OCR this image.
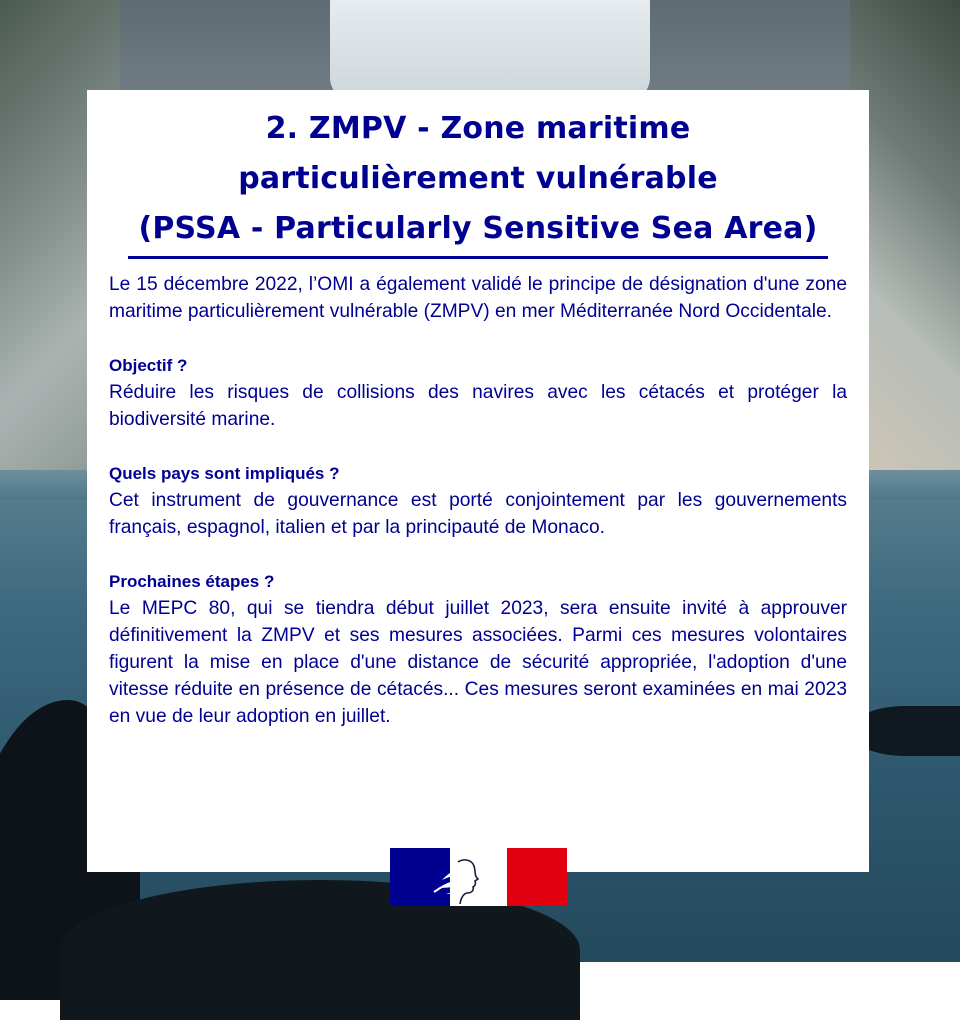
2. ZMPV - Zone maritime
particulièrement vulnérable
(PSSA - Particularly Sensitive Sea Area)

Le 15 décembre 2022, l’OMI a également validé le principe de désignation d'une zone maritime particulièrement vulnérable (ZMPV) en mer Méditerranée Nord Occidentale.

Objectif ?

Réduire les risques de collisions des navires avec les cétacés et protéger la biodiversité marine.

Quels pays sont impliqués ?

Cet instrument de gouvernance est porté conjointement par les gouvernements français, espagnol, italien et par la principauté de Monaco.

Prochaines étapes ?

Le MEPC 80, qui se tiendra début juillet 2023, sera ensuite invité à approuver définitivement la ZMPV et ses mesures associées. Parmi ces mesures volontaires figurent la mise en place d'une distance de sécurité appropriée, l'adoption d'une vitesse réduite en présence de cétacés... Ces mesures seront examinées en mai 2023 en vue de leur adoption en juillet.
